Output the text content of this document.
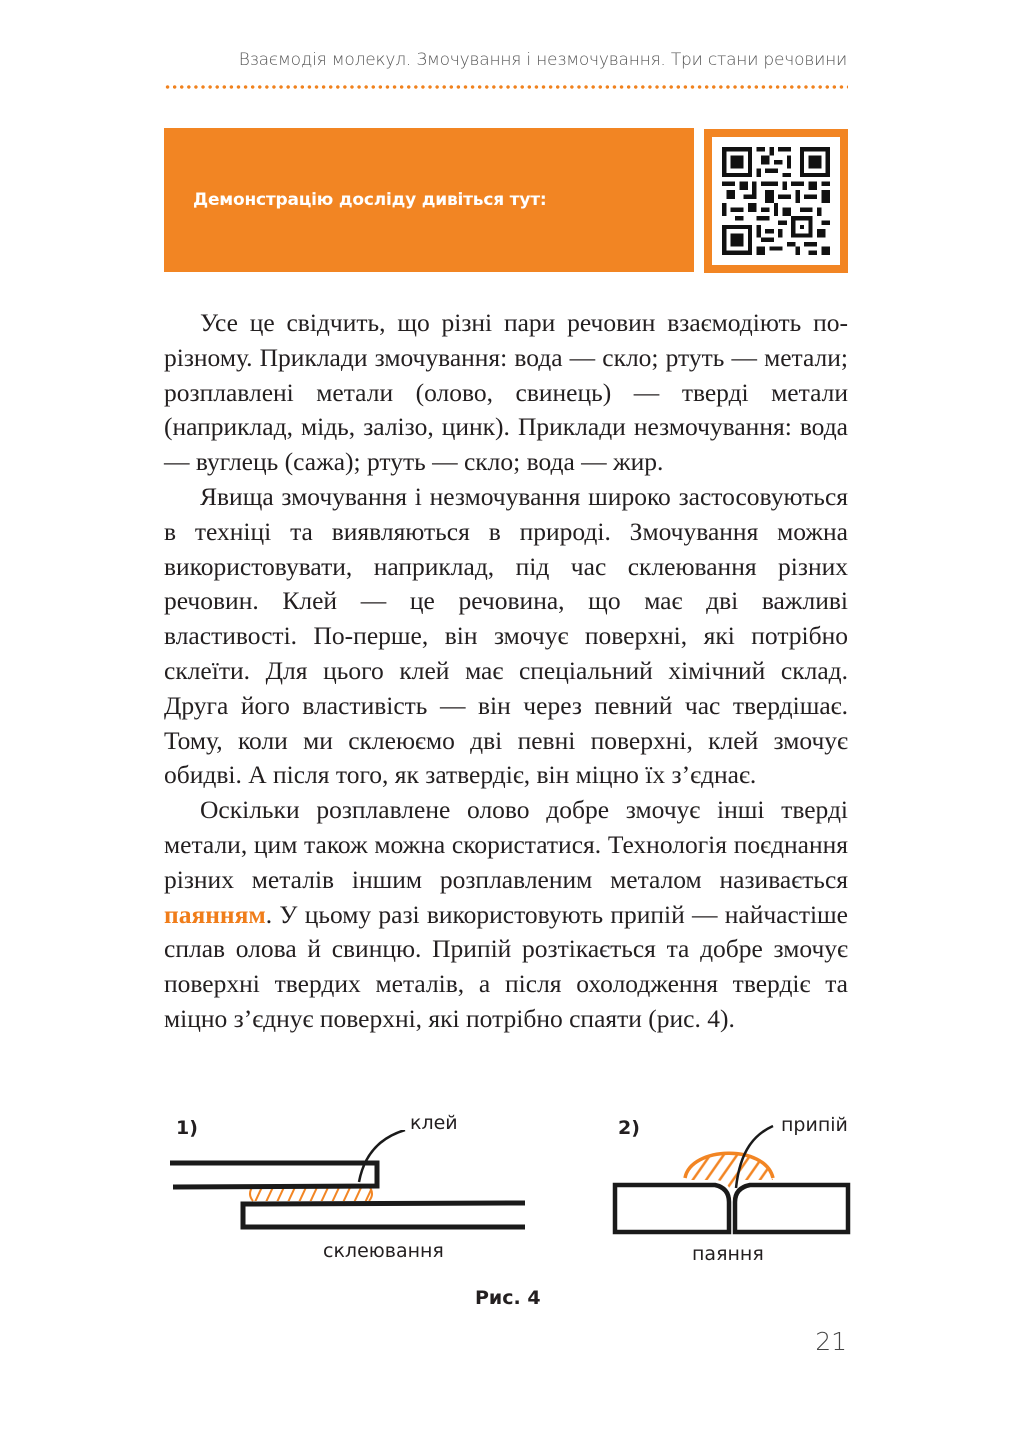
Взаємодія молекул. Змочування і незмочування. Три стани речовини
Демонстрацію досліду дивіться тут:

Усе це свідчить, що різні пари речовин взаємодіють по-різному. Приклади змочування: вода — скло; ртуть — метали; розплавлені метали (олово, свинець) — тверді метали (наприклад, мідь, залізо, цинк). Приклади незмочування: вода — вуглець (сажа); ртуть — скло; вода — жир.

Явища змочування і незмочування широко застосовуються в техніці та виявляються в природі. Змочування можна використовувати, наприклад, під час склеювання різних речовин. Клей — це речовина, що має дві важливі властивості. По-перше, він змочує поверхні, які потрібно склеїти. Для цього клей має спеціальний хімічний склад. Друга його властивість — він через певний час твердішає. Тому, коли ми склеюємо дві певні поверхні, клей змочує обидві. А після того, як затвердіє, він міцно їх з’єднає.

Оскільки розплавлене олово добре змочує інші тверді метали, цим також можна скористатися. Технологія поєднання різних металів іншим розплавленим металом називається паянням. У цьому разі використовують припій — найчастіше сплав олова й свинцю. Припій розтікається та добре змочує поверхні твердих металів, а після охолодження твердіє та міцно з’єднує поверхні, які потрібно спаяти (рис. 4).

1)	клей
склеювання
2)	припій
паяння
Рис. 4
21
